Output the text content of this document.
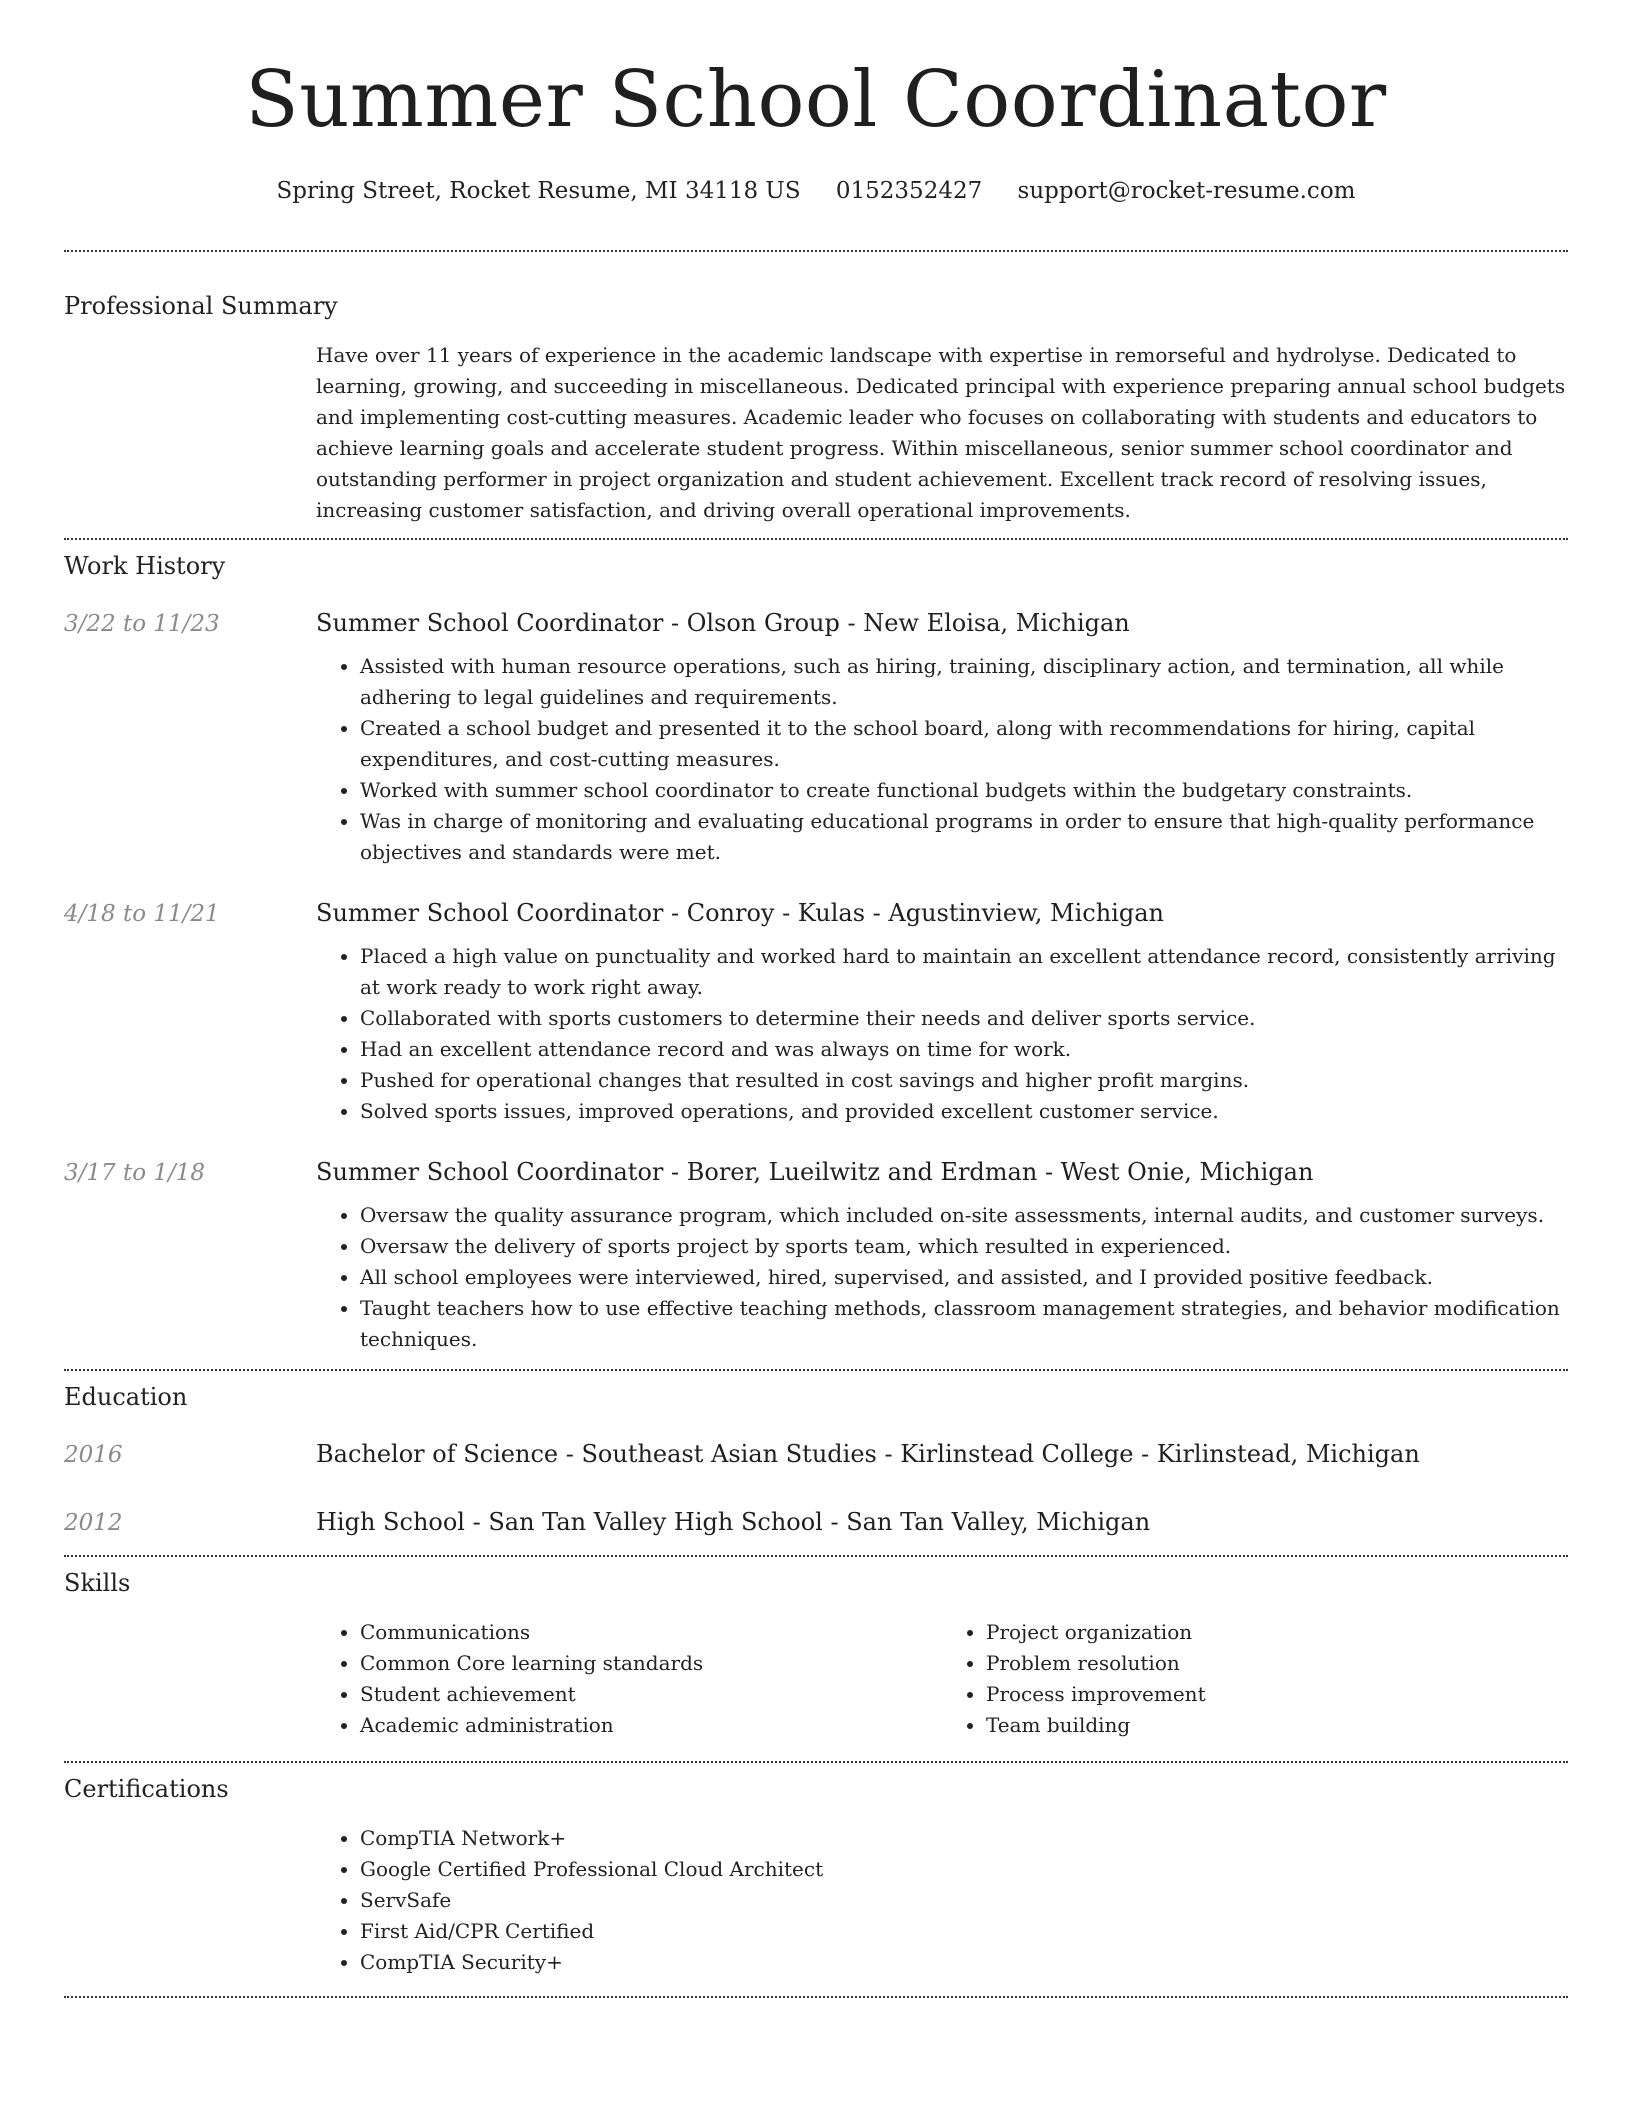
Summer School Coordinator
Spring Street, Rocket Resume, MI 34118 US 0152352427 support@rocket-resume.com
Professional Summary
Have over 11 years of experience in the academic landscape with expertise in remorseful and hydrolyse. Dedicated to learning, growing, and succeeding in miscellaneous. Dedicated principal with experience preparing annual school budgets and implementing cost-cutting measures. Academic leader who focuses on collaborating with students and educators to achieve learning goals and accelerate student progress. Within miscellaneous, senior summer school coordinator and outstanding performer in project organization and student achievement. Excellent track record of resolving issues, increasing customer satisfaction, and driving overall operational improvements.
Work History
3/22 to 11/23	Summer School Coordinator - Olson Group - New Eloisa, Michigan
• Assisted with human resource operations, such as hiring, training, disciplinary action, and termination, all while adhering to legal guidelines and requirements.
• Created a school budget and presented it to the school board, along with recommendations for hiring, capital expenditures, and cost-cutting measures.
• Worked with summer school coordinator to create functional budgets within the budgetary constraints.
• Was in charge of monitoring and evaluating educational programs in order to ensure that high-quality performance objectives and standards were met.
4/18 to 11/21	Summer School Coordinator - Conroy - Kulas - Agustinview, Michigan
• Placed a high value on punctuality and worked hard to maintain an excellent attendance record, consistently arriving at work ready to work right away.
• Collaborated with sports customers to determine their needs and deliver sports service.
• Had an excellent attendance record and was always on time for work.
• Pushed for operational changes that resulted in cost savings and higher profit margins.
• Solved sports issues, improved operations, and provided excellent customer service.
3/17 to 1/18	Summer School Coordinator - Borer, Lueilwitz and Erdman - West Onie, Michigan
• Oversaw the quality assurance program, which included on-site assessments, internal audits, and customer surveys.
• Oversaw the delivery of sports project by sports team, which resulted in experienced.
• All school employees were interviewed, hired, supervised, and assisted, and I provided positive feedback.
• Taught teachers how to use effective teaching methods, classroom management strategies, and behavior modification techniques.
Education
2016	Bachelor of Science - Southeast Asian Studies - Kirlinstead College - Kirlinstead, Michigan
2012	High School - San Tan Valley High School - San Tan Valley, Michigan
Skills
• Communications
• Common Core learning standards
• Student achievement
• Academic administration
• Project organization
• Problem resolution
• Process improvement
• Team building
Certifications
• CompTIA Network+
• Google Certified Professional Cloud Architect
• ServSafe
• First Aid/CPR Certified
• CompTIA Security+
